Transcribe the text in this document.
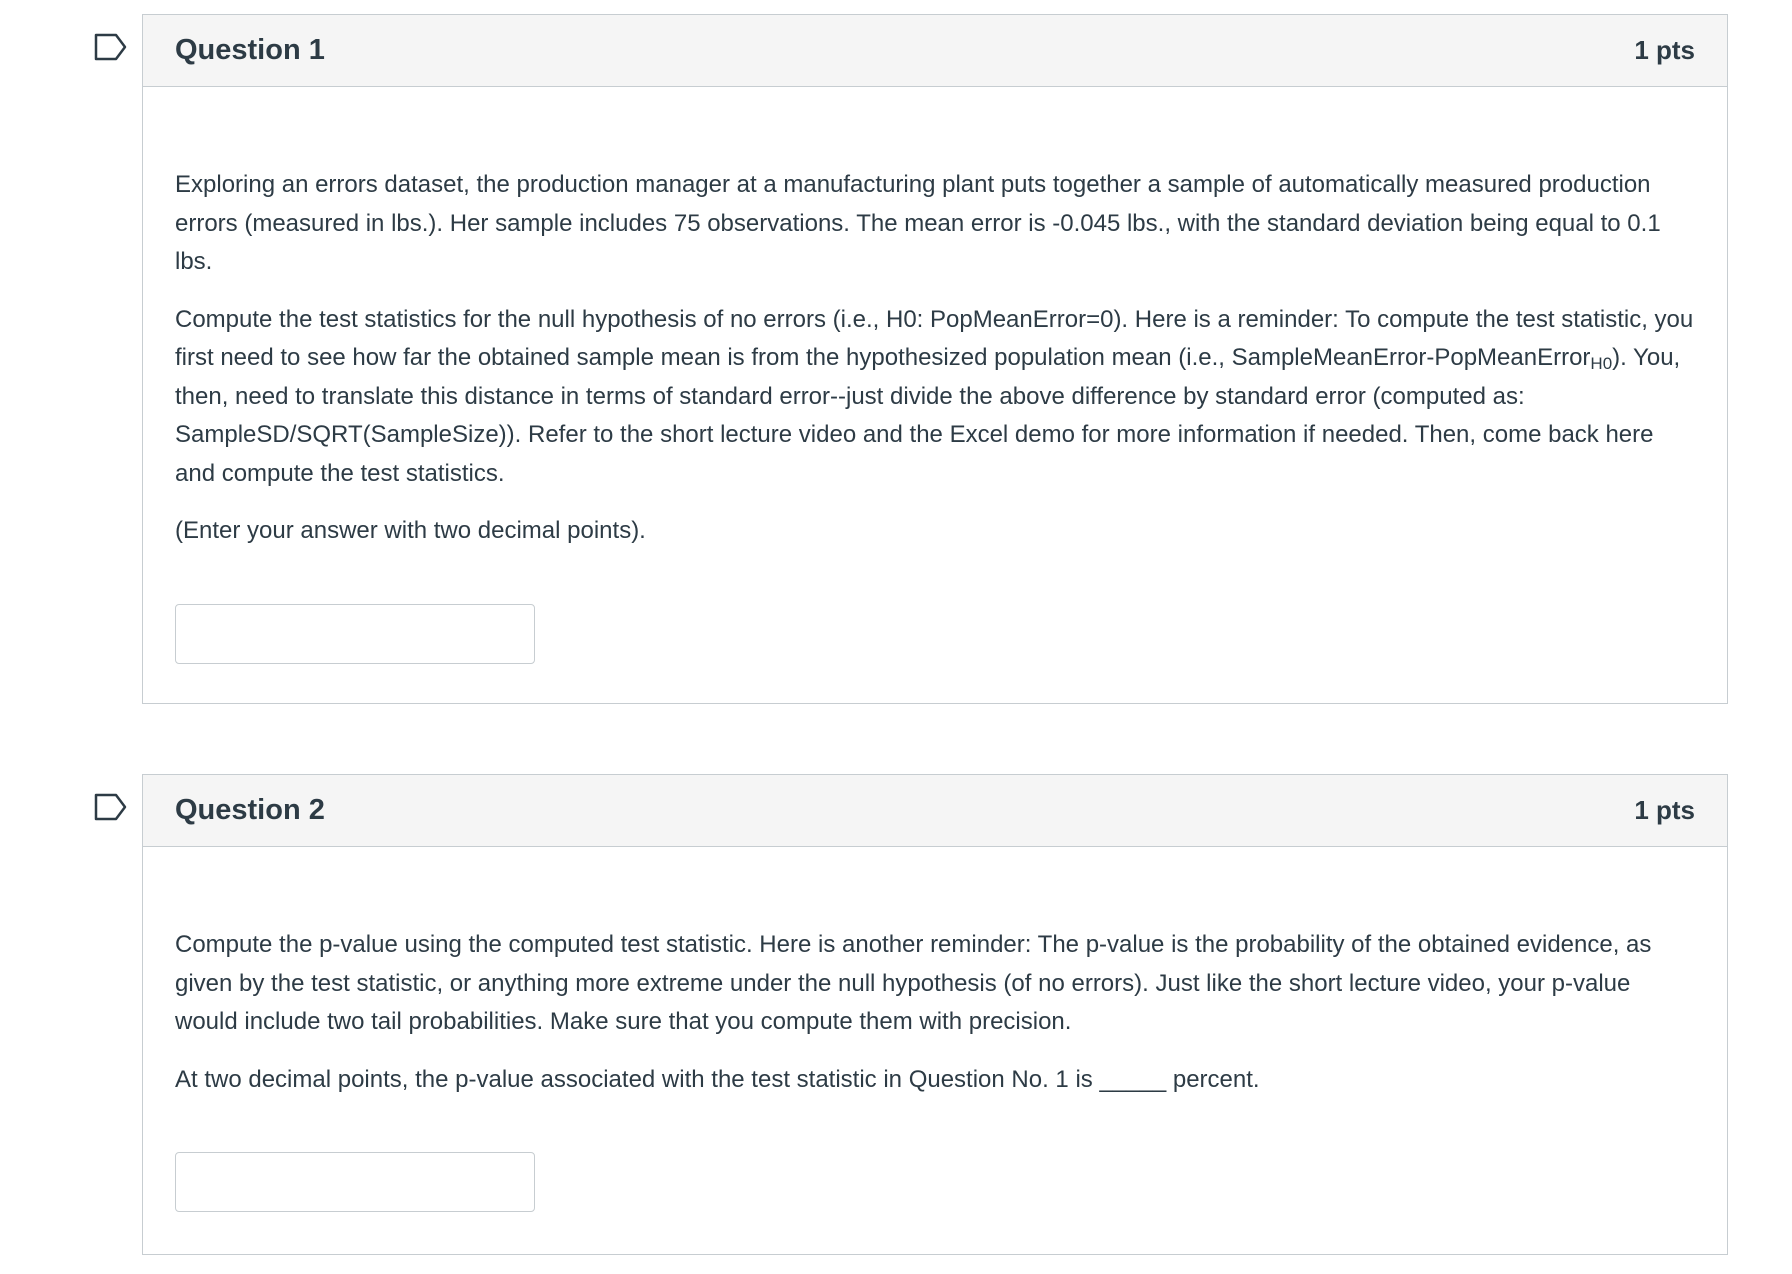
Question 1	1 pts

Exploring an errors dataset, the production manager at a manufacturing plant puts together a sample of automatically measured production errors (measured in lbs.). Her sample includes 75 observations. The mean error is -0.045 lbs., with the standard deviation being equal to 0.1 lbs.

Compute the test statistics for the null hypothesis of no errors (i.e., H0: PopMeanError=0). Here is a reminder: To compute the test statistic, you first need to see how far the obtained sample mean is from the hypothesized population mean (i.e., SampleMeanError-PopMeanError$_{H0}$). You, then, need to translate this distance in terms of standard error--just divide the above difference by standard error (computed as: SampleSD/SQRT(SampleSize)). Refer to the short lecture video and the Excel demo for more information if needed. Then, come back here and compute the test statistics.

(Enter your answer with two decimal points).

Question 2	1 pts

Compute the p-value using the computed test statistic. Here is another reminder: The p-value is the probability of the obtained evidence, as given by the test statistic, or anything more extreme under the null hypothesis (of no errors). Just like the short lecture video, your p-value would include two tail probabilities. Make sure that you compute them with precision.

At two decimal points, the p-value associated with the test statistic in Question No. 1 is _____ percent.
